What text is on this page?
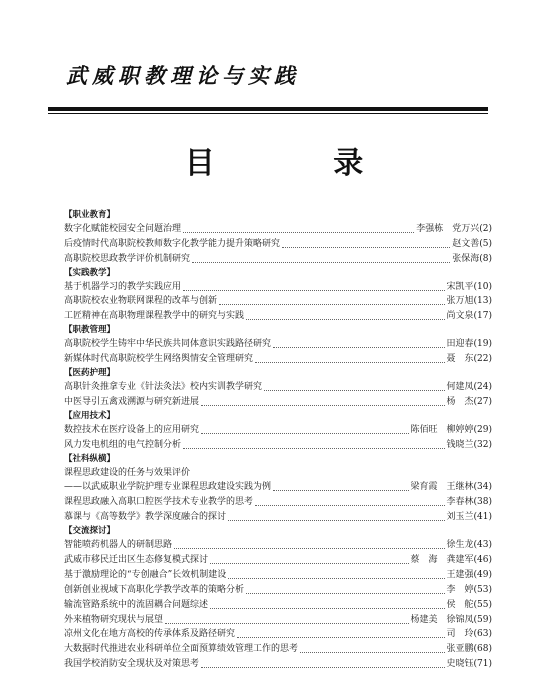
武威职教理论与实践
目 录
【职业教育】
数字化赋能校园安全问题治理	李强栋　党万兴(2)
后疫情时代高职院校教师数字化教学能力提升策略研究	赵文善(5)
高职院校思政教学评价机制研究	张保海(8)
【实践教学】
基于机器学习的教学实践应用	宋凯平(10)
高职院校农业物联网课程的改革与创新	张万旭(13)
工匠精神在高职物理课程教学中的研究与实践	尚文泉(17)
【职教管理】
高职院校学生铸牢中华民族共同体意识实践路径研究	田迎春(19)
新媒体时代高职院校学生网络舆情安全管理研究	聂　东(22)
【医药护理】
高职针灸推拿专业《针法灸法》校内实训教学研究	何建凤(24)
中医导引五禽戏溯源与研究新进展	杨　杰(27)
【应用技术】
数控技术在医疗设备上的应用研究	陈佰旺　柳婷婷(29)
风力发电机组的电气控制分析	钱晓兰(32)
【社科纵横】
课程思政建设的任务与效果评价
——以武威职业学院护理专业课程思政建设实践为例	梁育霞　王继林(34)
课程思政融入高职口腔医学技术专业教学的思考	李春林(38)
慕课与《高等数学》教学深度融合的探讨	刘玉兰(41)
【交流探讨】
智能喷药机器人的研制思路	徐生龙(43)
武威市移民迁出区生态修复模式探讨	蔡　海　龚建军(46)
基于激励理论的“专创融合”长效机制建设	王建强(49)
创新创业视域下高职化学教学改革的策略分析	李　婷(53)
输流管路系统中的流固耦合问题综述	侯　舵(55)
外来植物研究现状与展望	杨建美　徐锦凤(59)
凉州文化在地方高校的传承体系及路径研究	司　玲(63)
大数据时代推进农业科研单位全面预算绩效管理工作的思考	张亚鹏(68)
我国学校消防安全现状及对策思考	史晓钰(71)
